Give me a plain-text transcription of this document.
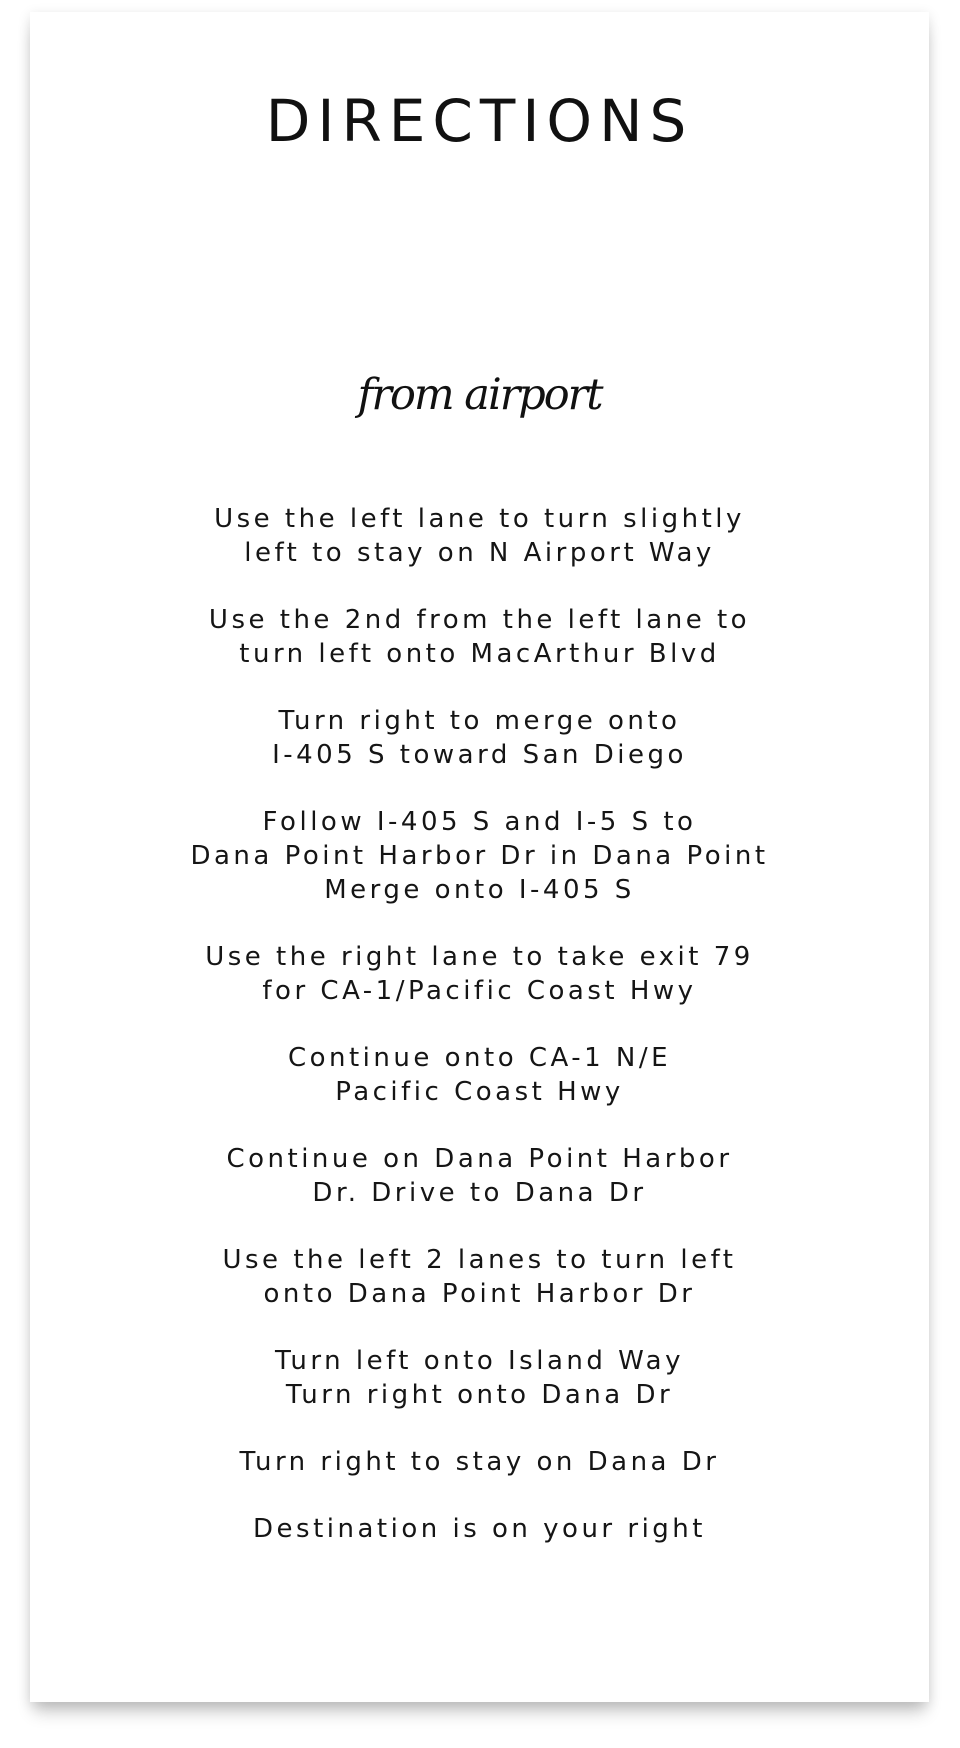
DIRECTIONS
from airport
Use the left lane to turn slightly
left to stay on N Airport Way
Use the 2nd from the left lane to
turn left onto MacArthur Blvd
Turn right to merge onto
I-405 S toward San Diego
Follow I-405 S and I-5 S to
Dana Point Harbor Dr in Dana Point
Merge onto I-405 S
Use the right lane to take exit 79
for CA-1/Pacific Coast Hwy
Continue onto CA-1 N/E
Pacific Coast Hwy
Continue on Dana Point Harbor
Dr. Drive to Dana Dr
Use the left 2 lanes to turn left
onto Dana Point Harbor Dr
Turn left onto Island Way
Turn right onto Dana Dr
Turn right to stay on Dana Dr
Destination is on your right
